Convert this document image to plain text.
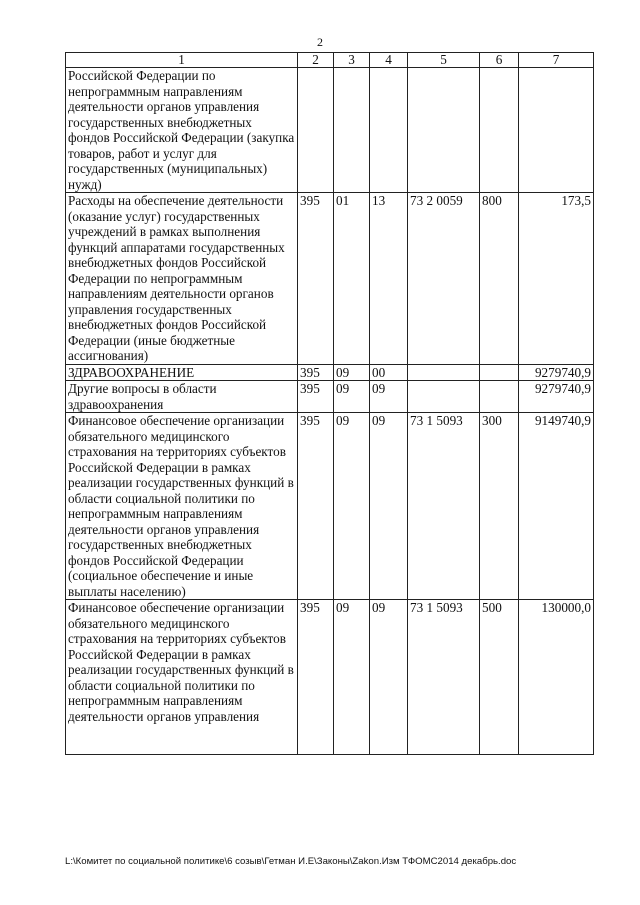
2
1	2	3	4	5	6	7
Российской Федерации по непрограммным направлениям деятельности органов управления государственных внебюджетных фондов Российской Федерации (закупка товаров, работ и услуг для государственных (муниципальных) нужд)						
Расходы на обеспечение деятельности (оказание услуг) государственных учреждений в рамках выполнения функций аппаратами государственных внебюджетных фондов Российской Федерации по непрограммным направлениям деятельности органов управления государственных внебюджетных фондов Российской Федерации (иные бюджетные ассигнования)	395	01	13	73 2 0059	800	173,5
ЗДРАВООХРАНЕНИЕ	395	09	00			9279740,9
Другие вопросы в области здравоохранения	395	09	09			9279740,9
Финансовое обеспечение организации обязательного медицинского страхования на территориях субъектов Российской Федерации в рамках реализации государственных функций в области социальной политики по непрограммным направлениям деятельности органов управления государственных внебюджетных фондов Российской Федерации (социальное обеспечение и иные выплаты населению)	395	09	09	73 1 5093	300	9149740,9
Финансовое обеспечение организации обязательного медицинского страхования на территориях субъектов Российской Федерации в рамках реализации государственных функций в области социальной политики по непрограммным направлениям деятельности органов управления	395	09	09	73 1 5093	500	130000,0
L:\Комитет по социальной политике\6 созыв\Гетман И.Е\Законы\Zakon.Изм ТФОМС2014 декабрь.doc
